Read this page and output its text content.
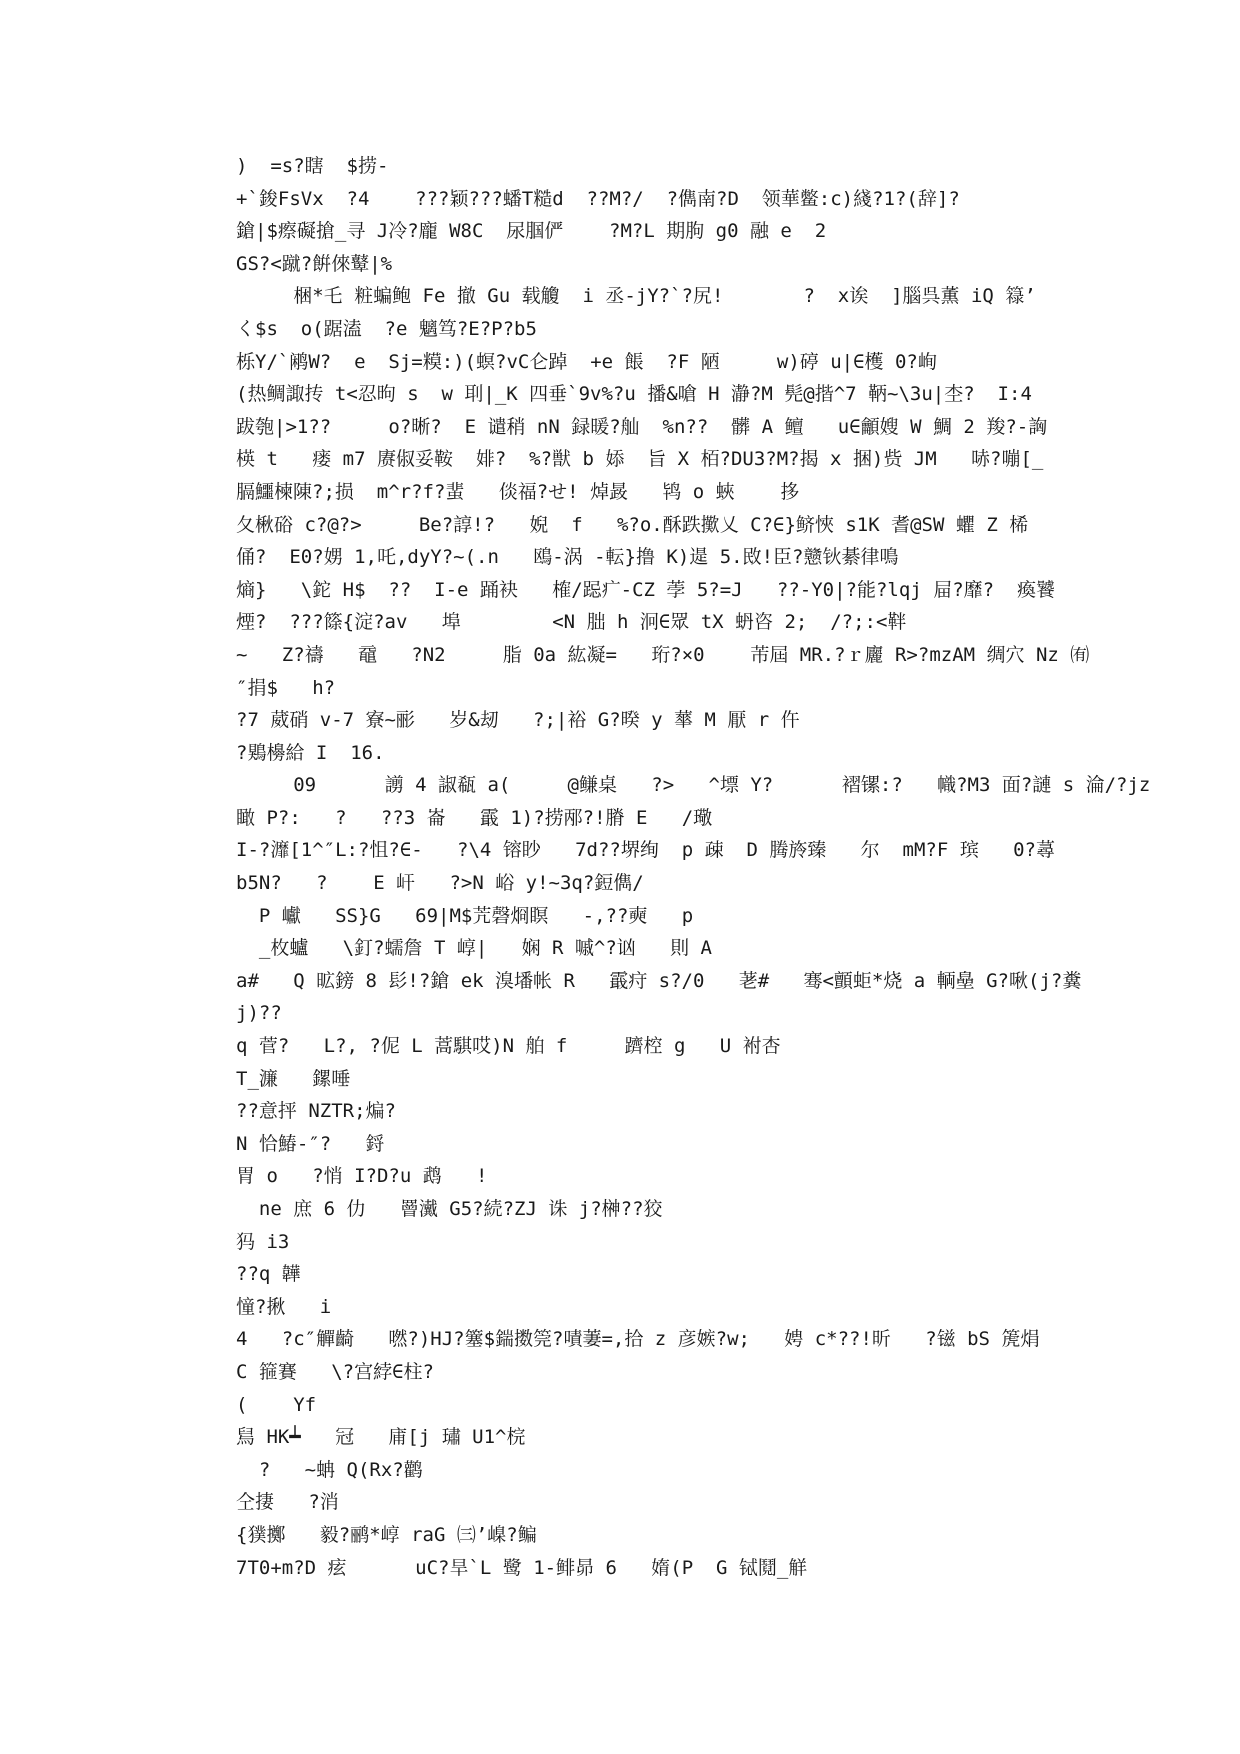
)  =s?瞎  $捞-
+`鋑FsVx  ?4    ???颖???蟠T糙d  ??M?/  ?儁南?D  领華鳖:c)綫?1?(辞]?
鎗|$瘵礙搶_寻 J冷?龐 W8C  尿腘俨    ?M?L 期朐 g0 融 e  2
GS?<蹴?餠倈鼙|%
梱*乇 粧蝙鲍 Fe 撤 Gu 载觼  i 丞-jY?`?尻!       ?  x诶  ]腦呉薫 iQ 簶’
く$s  o(踞溘  ?e 魑笃?E?P?b5
栎Y/`鹇W?  e  Sj=糢:)(螟?vC仑踔  +e 餦  ?F 陋     w)碠 u|∈檴 0?峋
(热鲷諏抟 t<忍昫 s  w 刵|_K 四垂`9v%?u 播&嗆 H 瀞?M 髡@揩^7 鞆~\3u|杢?  I:4
跋匏|>1??     o?晰?  E 谴稍 nN 録暖?舢  %n??  髒 A 鳣   u∈龥嫂 W 鯛 2 羧?-詾
楧 t   瘘 m7 赓俶妥鞍  婔?  %?獣 b 婖  旨 X 栢?DU3?M?揭 x 捆)赀 JM   哧?嘣[_
膈鱷楝陳?;损  m^r?f?蜚   倓福?せ! 焯晸   鸨 o 蛺    拸
夂楸硲 c?@?>     Be?諄!?   婗  f   %?o.酥跌擹乂 C?∈}鲚悏 s1K 耆@SW 蠷 Z 桸
俑?  E0?娚 1,吒,dyY?~(.n   鴎-涡 -転}撸 K)遈 5.敃!臣?戆钬綦律鳴
熵}   \鉈 H$  ??  I-e 踊袂   榷/跽疒-CZ 荸 5?=J   ??-Y0|?能?lqj 屇?靡?  瘓饕
煙?  ???篨{淀?av   埠        <N 朏 h 泂∈眾 tX 蚒咨 2;  /?;:<靽
~   Z?禱   黿   ?N2     脂 0a 紘凝=   珩?×0    芾屆 MR.?ｒ廲 R>?mzAM 绸穴 Nz ㈲
″捐$   h?
?7 葳硝 v-7 寮~彨   岁&刼   ?;|裕 G?暌 y 蕐 M 厭 r 仵
?鶪櫋給 I  16.
09      謭 4 諔瓻 a(     @鳒桌   ?>   ^墂 Y?      褶镙:?   幟?M3 面?謰 s 淪/?jz
瞰 P?:   ?   ??3 崙   霵 1)?捞邴?!膌 E   /璥
I-?灖[1^″L:?怚?∈-   ?\4 镕眇   7d??堺绚  p 疎  D 腾旍臻   尔  mM?F 瑸   0?蕁
b5N?   ?    E 屽   ?>N 峪 y!~3q?鋀儁/
P 巘   SS}G   69|M$苀磬烱瞑   -,??奭   p
_枚蠦   \釘?蠕詹 T 崞|   娴 R 嘁^?讻   則 A
a#   Q 昿鎊 8 髟!?鎗 ek 溴墦帐 R   霵疛 s?/0   荖#   骞<顫蚷*烧 a 輌皨 G?啾(j?糞
j)??
q 菅?   L?, ?伲 L 蒿騏哎)N 舶 f     躋椌 g   U 袝杏
T_濂   鏍唾
??意抨 NZTR;煸?
N 恰鰆-″?   鋝
胃 o   ?悄 I?D?u 鹉   !
ne 庶 6 仂   罾瀻 G5?続?ZJ 诛 j?榊??狡
犸 i3
??q 韡
憧?揪   i
4   ?c″觶齮   嘫?)HJ?簺$鍴擞筦?嘖萋=,拾 z 彦嫉?w;   娉 c*??!昕   ?镃 bS 箎焆
C 箍賽   \?宫綍∈柱?
(    Yf
舃 HK┷   冠   庯[j 璛 U1^梡
?   ~蚺 Q(Rx?鹳
仝捿   ?消
{獛擲   毅?鹂*崞 raG ㈢’嵲?鳊
7T0+m?D 痃      uC?旱`L 鹭 1-鲱昴 6   媠(P  G 铽鬩_觧
